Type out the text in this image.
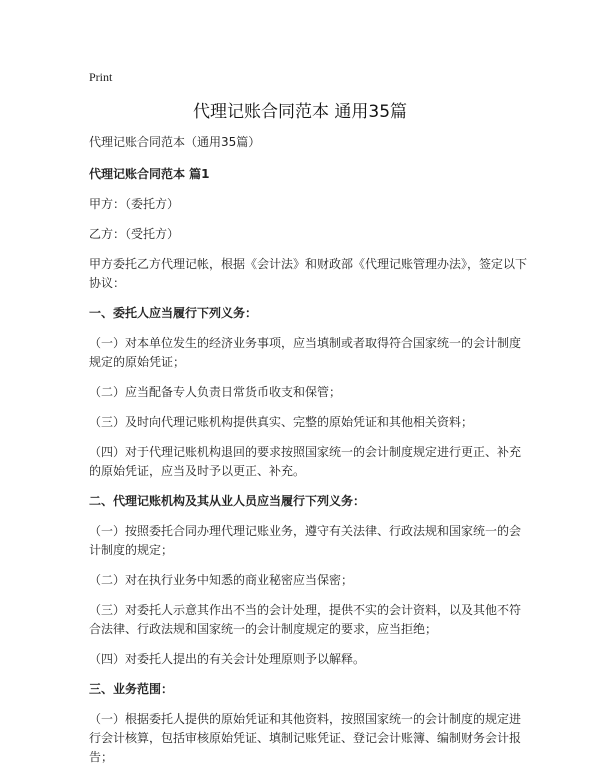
Print
代理记账合同范本 通用35篇

代理记账合同范本（通用35篇）

代理记账合同范本 篇1

甲方：（委托方）

乙方：（受托方）

甲方委托乙方代理记帐，根据《会计法》和财政部《代理记账管理办法》，签定以下协议：

一、委托人应当履行下列义务：

（一）对本单位发生的经济业务事项，应当填制或者取得符合国家统一的会计制度规定的原始凭证；

（二）应当配备专人负责日常货币收支和保管；

（三）及时向代理记账机构提供真实、完整的原始凭证和其他相关资料；

（四）对于代理记账机构退回的要求按照国家统一的会计制度规定进行更正、补充的原始凭证，应当及时予以更正、补充。

二、代理记账机构及其从业人员应当履行下列义务：

（一）按照委托合同办理代理记账业务，遵守有关法律、行政法规和国家统一的会计制度的规定；

（二）对在执行业务中知悉的商业秘密应当保密；

（三）对委托人示意其作出不当的会计处理，提供不实的会计资料，以及其他不符合法律、行政法规和国家统一的会计制度规定的要求，应当拒绝；

（四）对委托人提出的有关会计处理原则予以解释。

三、业务范围：

（一）根据委托人提供的原始凭证和其他资料，按照国家统一的会计制度的规定进行会计核算，包括审核原始凭证、填制记账凭证、登记会计账簿、编制财务会计报告；
